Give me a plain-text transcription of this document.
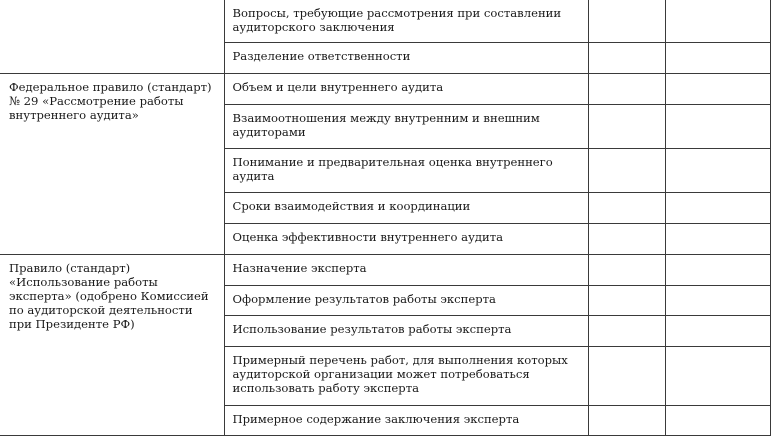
	Вопросы, требующие рассмотрения при составлении аудиторского заключения		

	Разделение ответственности		

Федеральное правило (стандарт) № 29 «Рассмотрение работы внутреннего аудита»	Объем и цели внутреннего аудита		

	Взаимоотношения между внутренним и внешним аудиторами		

	Понимание и предварительная оценка внутреннего аудита		

	Сроки взаимодействия и координации		

	Оценка эффективности внутреннего аудита		

Правило (стандарт) «Использование работы эксперта» (одобрено Комиссией по аудиторской деятельности при Президенте РФ)	Назначение эксперта		

	Оформление результатов работы эксперта		

	Использование результатов работы эксперта		

	Примерный перечень работ, для выполнения которых аудиторской организации может потребоваться использовать работу эксперта		

	Примерное содержание заключения эксперта		
